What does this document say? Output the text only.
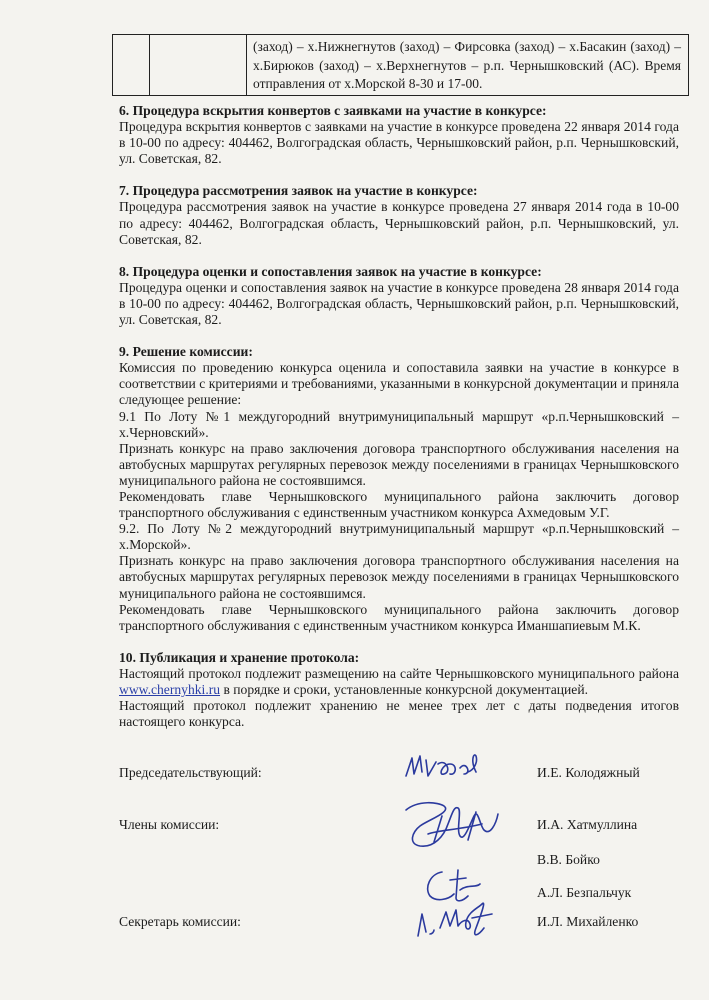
(заход) – х.Нижнегнутов (заход) – Фирсовка (заход) – х.Басакин (заход) – х.Бирюков (заход) – х.Верхнегнутов – р.п. Чернышковский (АС). Время отправления от х.Морской 8-30 и 17-00.
6. Процедура вскрытия конвертов с заявками на участие в конкурсе:

Процедура вскрытия конвертов с заявками на участие в конкурсе проведена 22 января 2014 года в 10-00 по адресу: 404462, Волгоградская область, Чернышковский район, р.п. Чернышковский, ул. Советская, 82.

7. Процедура рассмотрения заявок на участие в конкурсе:

Процедура рассмотрения заявок на участие в конкурсе проведена 27 января 2014 года в 10-00 по адресу: 404462, Волгоградская область, Чернышковский район, р.п. Чернышковский, ул. Советская, 82.

8. Процедура оценки и сопоставления заявок на участие в конкурсе:

Процедура оценки и сопоставления заявок на участие в конкурсе проведена 28 января 2014 года в 10-00 по адресу: 404462, Волгоградская область, Чернышковский район, р.п. Чернышковский, ул. Советская, 82.

9. Решение комиссии:

Комиссия по проведению конкурса оценила и сопоставила заявки на участие в конкурсе в соответствии с критериями и требованиями, указанными в конкурсной документации и приняла следующее решение:

9.1 По Лоту №1 междугородний внутримуниципальный маршрут «р.п.Чернышковский – х.Черновский».

Признать конкурс на право заключения договора транспортного обслуживания населения на автобусных маршрутах регулярных перевозок между поселениями в границах Чернышковского муниципального района не состоявшимся.

Рекомендовать главе Чернышковского муниципального района заключить договор транспортного обслуживания с единственным участником конкурса Ахмедовым У.Г.

9.2. По Лоту №2 междугородний внутримуниципальный маршрут «р.п.Чернышковский – х.Морской».

Признать конкурс на право заключения договора транспортного обслуживания населения на автобусных маршрутах регулярных перевозок между поселениями в границах Чернышковского муниципального района не состоявшимся.

Рекомендовать главе Чернышковского муниципального района заключить договор транспортного обслуживания с единственным участником конкурса Иманшапиевым М.К.

10. Публикация и хранение протокола:

Настоящий протокол подлежит размещению на сайте Чернышковского муниципального района www.chernyhki.ru в порядке и сроки, установленные конкурсной документацией.

Настоящий протокол подлежит хранению не менее трех лет с даты подведения итогов настоящего конкурса.

Председательствующий:	И.Е. Колодяжный
Члены комиссии:	И.А. Хатмуллина
В.В. Бойко
А.Л. Безпальчук
Секретарь комиссии:	И.Л. Михайленко
